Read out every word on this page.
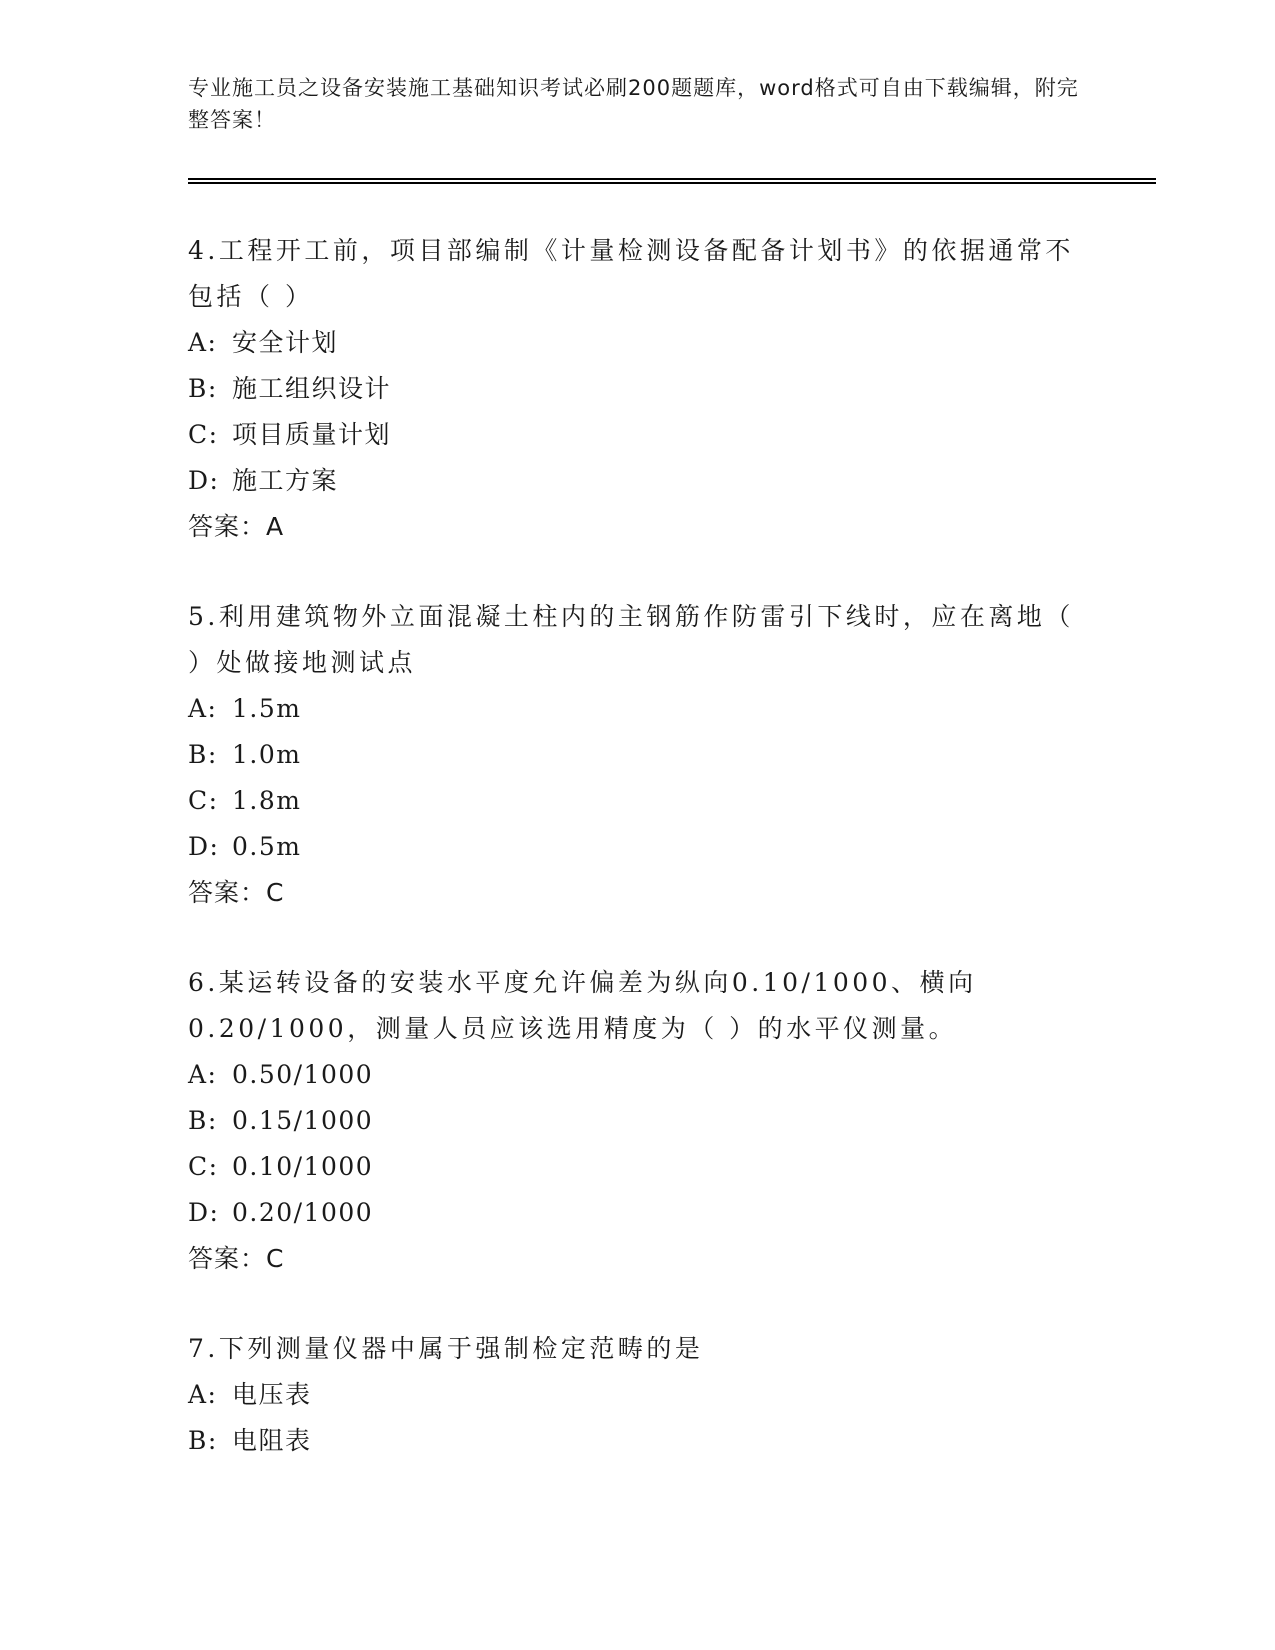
专业施工员之设备安装施工基础知识考试必刷200题题库，word格式可自由下载编辑，附完整答案！
4.工程开工前，项目部编制《计量检测设备配备计划书》的依据通常不包括（ ）
A: 安全计划
B: 施工组织设计
C: 项目质量计划
D: 施工方案
答案：A
5.利用建筑物外立面混凝土柱内的主钢筋作防雷引下线时，应在离地（ ）处做接地测试点
A: 1.5m
B: 1.0m
C: 1.8m
D: 0.5m
答案：C
6.某运转设备的安装水平度允许偏差为纵向0.10/1000、横向0.20/1000，测量人员应该选用精度为（ ）的水平仪测量。
A: 0.50/1000
B: 0.15/1000
C: 0.10/1000
D: 0.20/1000
答案：C
7.下列测量仪器中属于强制检定范畴的是
A: 电压表
B: 电阻表
